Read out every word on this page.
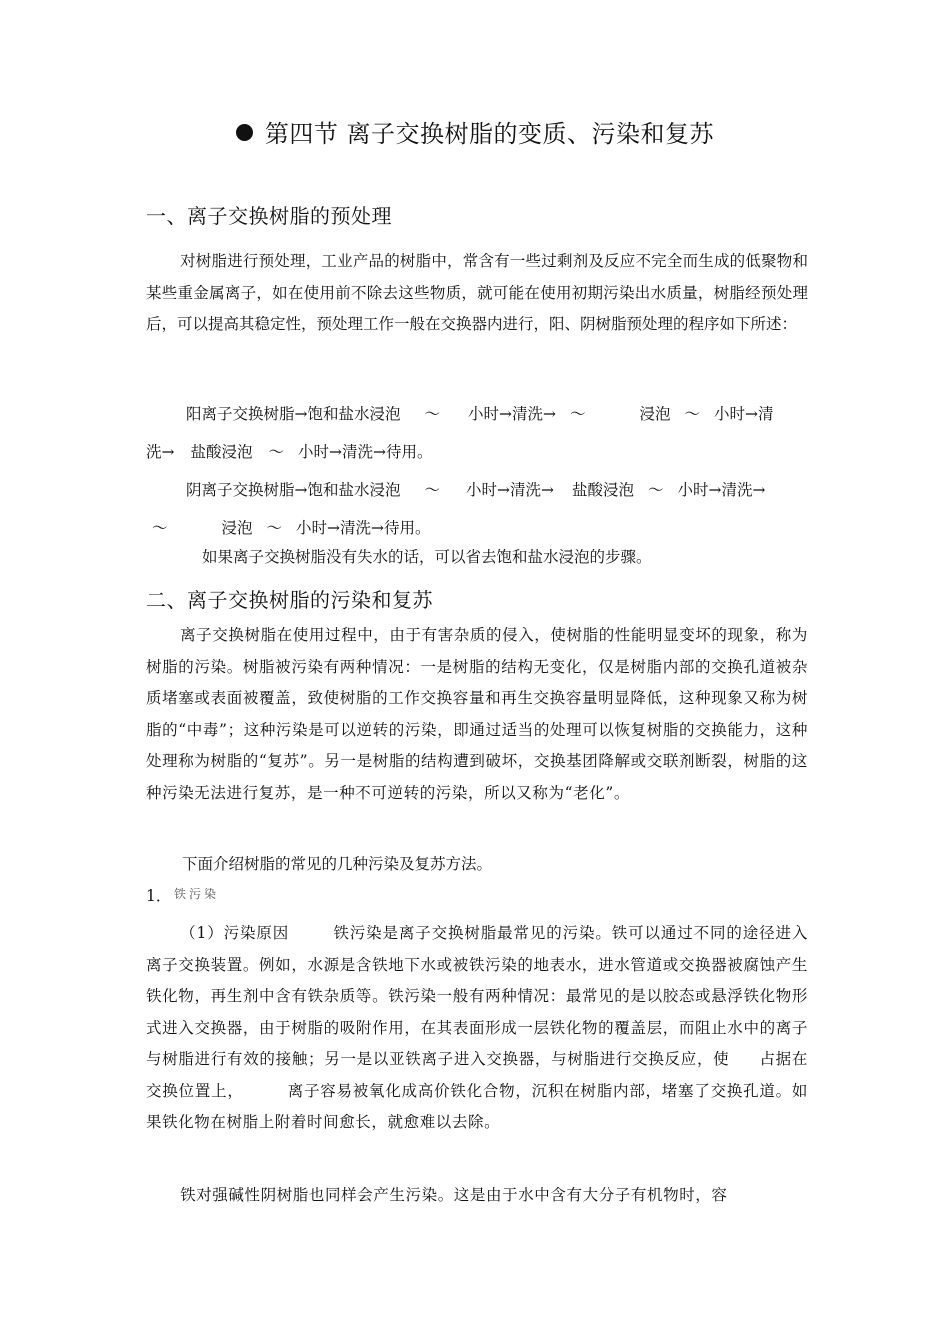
第四节 离子交换树脂的变质、污染和复苏
一、离子交换树脂的预处理
对树脂进行预处理，工业产品的树脂中，常含有一些过剩剂及反应不完全而生成的低聚物和某些重金属离子，如在使用前不除去这些物质，就可能在使用初期污染出水质量，树脂经预处理后，可以提高其稳定性，预处理工作一般在交换器内进行，阳、阴树脂预处理的程序如下所述：
阳离子交换树脂→饱和盐水浸泡 ～ 小时→清洗→ ～	浸泡 ～ 小时→清
洗→ 盐酸浸泡 ～ 小时→清洗→待用。
阴离子交换树脂→饱和盐水浸泡 ～ 小时→清洗→ 盐酸浸泡 ～ 小时→清洗→
～	浸泡 ～ 小时→清洗→待用。
如果离子交换树脂没有失水的话，可以省去饱和盐水浸泡的步骤。
二、离子交换树脂的污染和复苏
离子交换树脂在使用过程中，由于有害杂质的侵入，使树脂的性能明显变坏的现象，称为树脂的污染。树脂被污染有两种情况：一是树脂的结构无变化，仅是树脂内部的交换孔道被杂质堵塞或表面被覆盖，致使树脂的工作交换容量和再生交换容量明显降低，这种现象又称为树脂的“中毒”；这种污染是可以逆转的污染，即通过适当的处理可以恢复树脂的交换能力，这种处理称为树脂的“复苏”。另一是树脂的结构遭到破坏，交换基团降解或交联剂断裂，树脂的这种污染无法进行复苏，是一种不可逆转的污染，所以又称为“老化”。
下面介绍树脂的常见的几种污染及复苏方法。
1． 铁污染
（1）污染原因	铁污染是离子交换树脂最常见的污染。铁可以通过不同的途径进入离子交换装置。例如，水源是含铁地下水或被铁污染的地表水，进水管道或交换器被腐蚀产生铁化物，再生剂中含有铁杂质等。铁污染一般有两种情况：最常见的是以胶态或悬浮铁化物形式进入交换器，由于树脂的吸附作用，在其表面形成一层铁化物的覆盖层，而阻止水中的离子与树脂进行有效的接触；另一是以亚铁离子进入交换器，与树脂进行交换反应，使 占据在交换位置上，	离子容易被氧化成高价铁化合物，沉积在树脂内部，堵塞了交换孔道。如果铁化物在树脂上附着时间愈长，就愈难以去除。
铁对强碱性阴树脂也同样会产生污染。这是由于水中含有大分子有机物时，容
